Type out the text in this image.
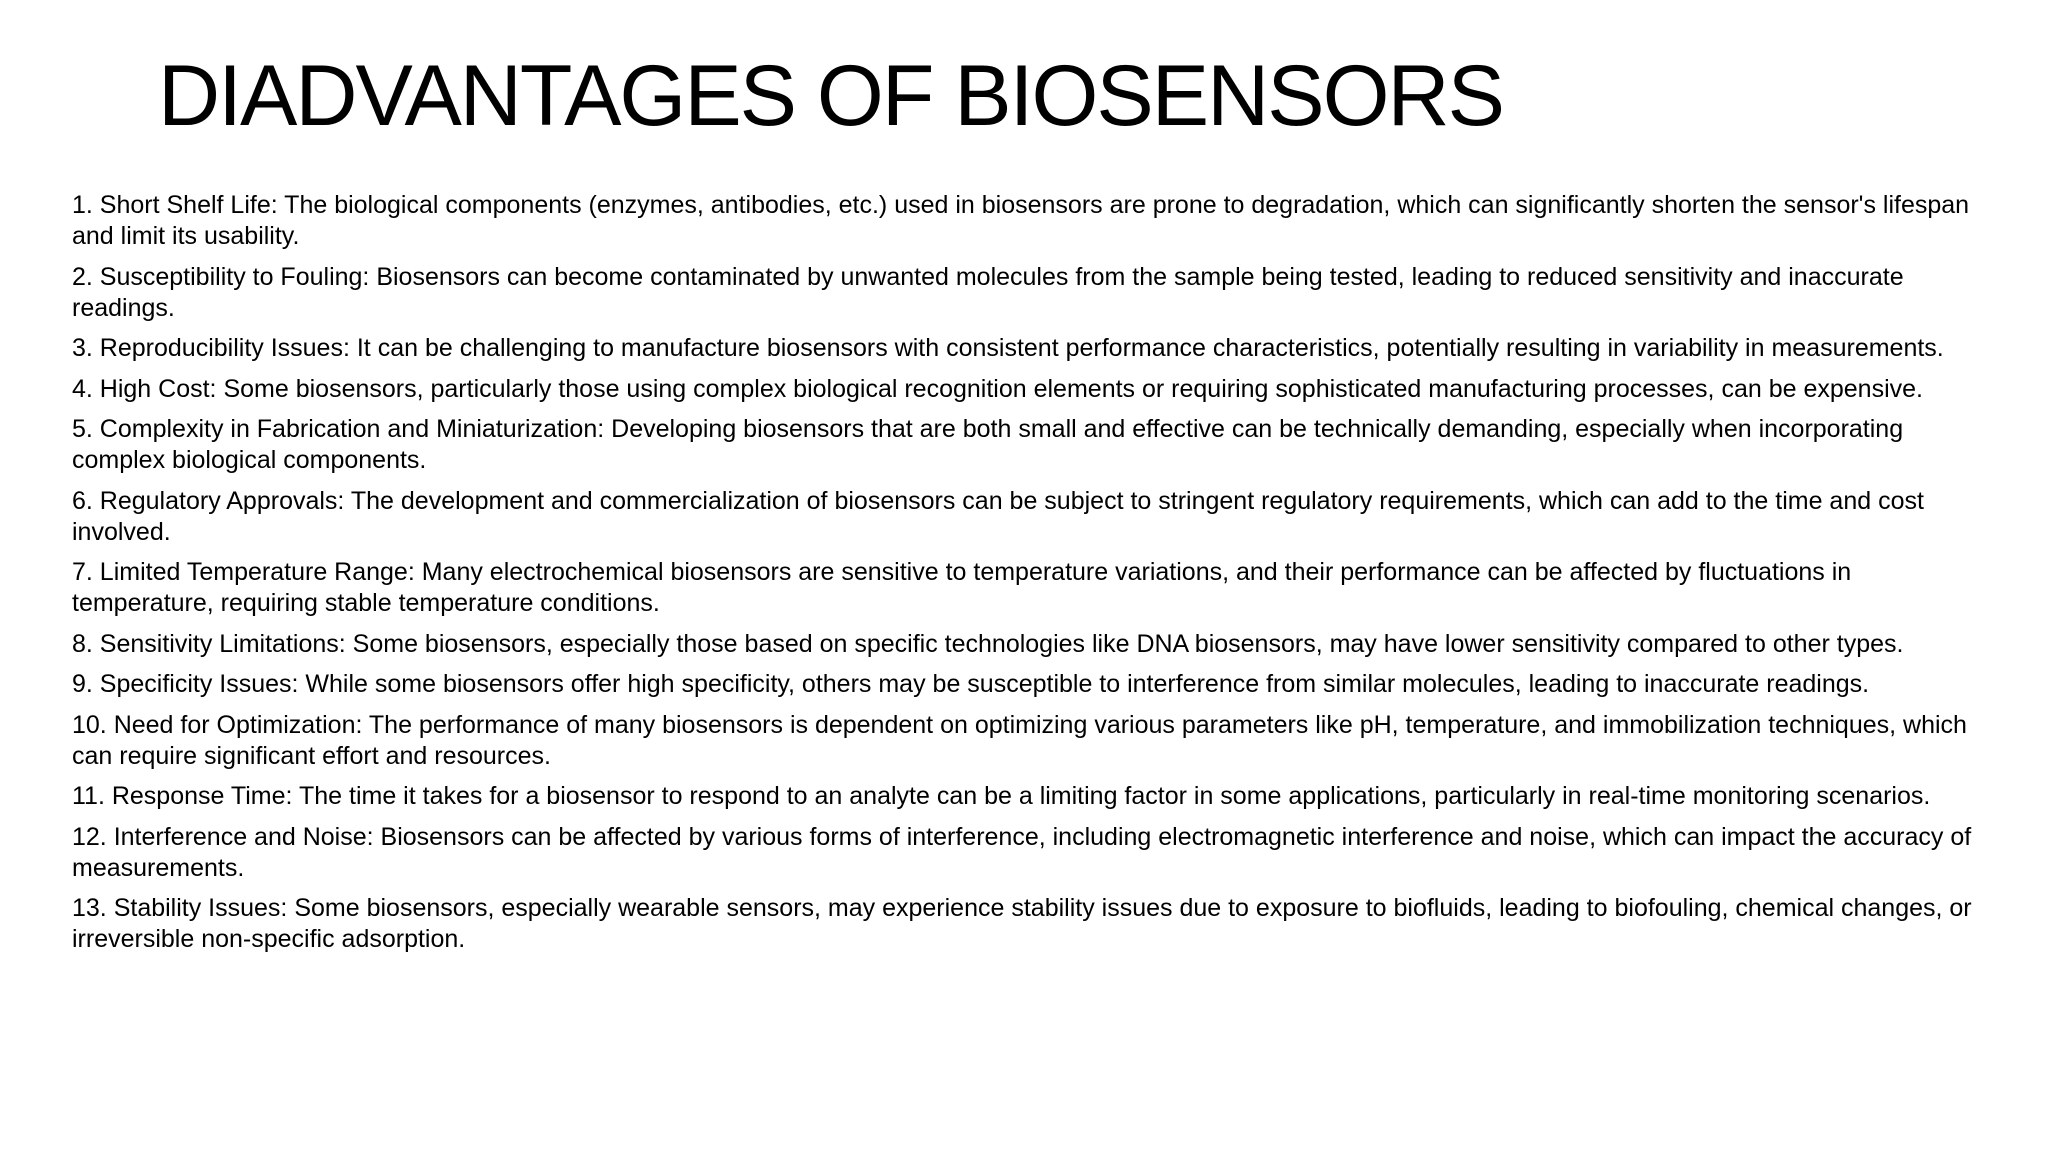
DIADVANTAGES OF BIOSENSORS
1. Short Shelf Life: The biological components (enzymes, antibodies, etc.) used in biosensors are prone to degradation, which can significantly shorten the sensor's lifespan and limit its usability.
2. Susceptibility to Fouling: Biosensors can become contaminated by unwanted molecules from the sample being tested, leading to reduced sensitivity and inaccurate readings.
3. Reproducibility Issues: It can be challenging to manufacture biosensors with consistent performance characteristics, potentially resulting in variability in measurements.
4. High Cost: Some biosensors, particularly those using complex biological recognition elements or requiring sophisticated manufacturing processes, can be expensive.
5. Complexity in Fabrication and Miniaturization: Developing biosensors that are both small and effective can be technically demanding, especially when incorporating complex biological components.
6. Regulatory Approvals: The development and commercialization of biosensors can be subject to stringent regulatory requirements, which can add to the time and cost involved.
7. Limited Temperature Range: Many electrochemical biosensors are sensitive to temperature variations, and their performance can be affected by fluctuations in temperature, requiring stable temperature conditions.
8. Sensitivity Limitations: Some biosensors, especially those based on specific technologies like DNA biosensors, may have lower sensitivity compared to other types.
9. Specificity Issues: While some biosensors offer high specificity, others may be susceptible to interference from similar molecules, leading to inaccurate readings.
10. Need for Optimization: The performance of many biosensors is dependent on optimizing various parameters like pH, temperature, and immobilization techniques, which can require significant effort and resources.
11. Response Time: The time it takes for a biosensor to respond to an analyte can be a limiting factor in some applications, particularly in real-time monitoring scenarios.
12. Interference and Noise: Biosensors can be affected by various forms of interference, including electromagnetic interference and noise, which can impact the accuracy of measurements.
13. Stability Issues: Some biosensors, especially wearable sensors, may experience stability issues due to exposure to biofluids, leading to biofouling, chemical changes, or irreversible non-specific adsorption.
